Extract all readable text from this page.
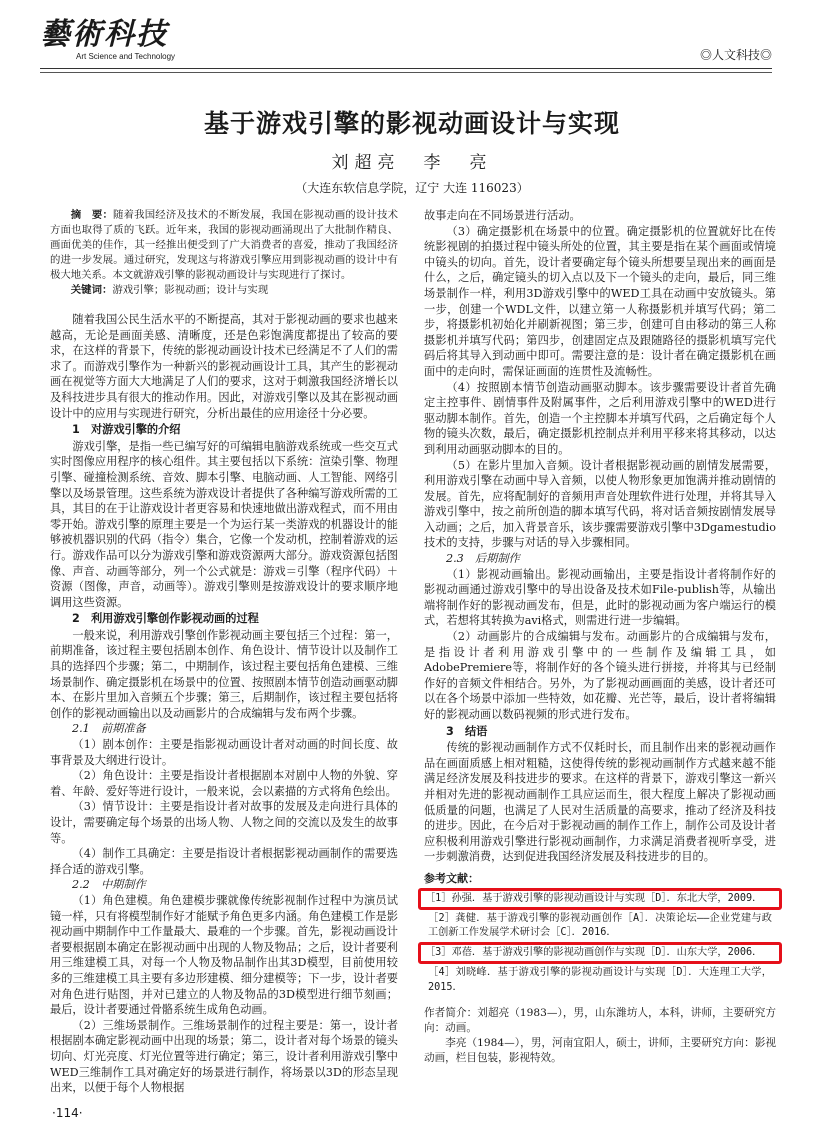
藝術科技
Art Science and Technology	◎人文科技◎
基于游戏引擎的影视动画设计与实现
刘超亮　李　亮
（大连东软信息学院，辽宁 大连 116023）

摘　要：随着我国经济及技术的不断发展，我国在影视动画的设计技术方面也取得了质的飞跃。近年来，我国的影视动画涌现出了大批制作精良、画面优美的佳作，其一经推出便受到了广大消费者的喜爱，推动了我国经济的进一步发展。通过研究，发现这与将游戏引擎应用到影视动画的设计中有极大地关系。本文就游戏引擎的影视动画设计与实现进行了探讨。

关键词：游戏引擎；影视动画；设计与实现

随着我国公民生活水平的不断提高，其对于影视动画的要求也越来越高，无论是画面美感、清晰度，还是色彩饱满度都提出了较高的要求，在这样的背景下，传统的影视动画设计技术已经满足不了人们的需求了。而游戏引擎作为一种新兴的影视动画设计工具，其产生的影视动画在视觉等方面大大地满足了人们的要求，这对于刺激我国经济增长以及科技进步具有很大的推动作用。因此，对游戏引擎以及其在影视动画设计中的应用与实现进行研究，分析出最佳的应用途径十分必要。

1　对游戏引擎的介绍

游戏引擎，是指一些已编写好的可编辑电脑游戏系统或一些交互式实时图像应用程序的核心组件。其主要包括以下系统：渲染引擎、物理引擎、碰撞检测系统、音效、脚本引擎、电脑动画、人工智能、网络引擎以及场景管理。这些系统为游戏设计者提供了各种编写游戏所需的工具，其目的在于让游戏设计者更容易和快速地做出游戏程式，而不用由零开始。游戏引擎的原理主要是一个为运行某一类游戏的机器设计的能够被机器识别的代码（指令）集合，它像一个发动机，控制着游戏的运行。游戏作品可以分为游戏引擎和游戏资源两大部分。游戏资源包括图像、声音、动画等部分，列一个公式就是：游戏＝引擎（程序代码）＋资源（图像，声音，动画等）。游戏引擎则是按游戏设计的要求顺序地调用这些资源。

2　利用游戏引擎创作影视动画的过程

一般来说，利用游戏引擎创作影视动画主要包括三个过程：第一，前期准备，该过程主要包括剧本创作、角色设计、情节设计以及制作工具的选择四个步骤；第二，中期制作，该过程主要包括角色建模、三维场景制作、确定摄影机在场景中的位置、按照剧本情节创造动画驱动脚本、在影片里加入音频五个步骤；第三，后期制作，该过程主要包括将创作的影视动画输出以及动画影片的合成编辑与发布两个步骤。

2.1　前期准备

（1）剧本创作：主要是指影视动画设计者对动画的时间长度、故事背景及大纲进行设计。

（2）角色设计：主要是指设计者根据剧本对剧中人物的外貌、穿着、年龄、爱好等进行设计，一般来说，会以素描的方式将角色绘出。

（3）情节设计：主要是指设计者对故事的发展及走向进行具体的设计，需要确定每个场景的出场人物、人物之间的交流以及发生的故事等。

（4）制作工具确定：主要是指设计者根据影视动画制作的需要选择合适的游戏引擎。

2.2　中期制作

（1）角色建模。角色建模步骤就像传统影视制作过程中为演员试镜一样，只有将模型制作好才能赋予角色更多内涵。角色建模工作是影视动画中期制作中工作量最大、最难的一个步骤。首先，影视动画设计者要根据剧本确定在影视动画中出现的人物及物品；之后，设计者要利用三维建模工具，对每一个人物及物品制作出其3D模型，目前使用较多的三维建模工具主要有多边形建模、细分建模等；下一步，设计者要对角色进行贴图，并对已建立的人物及物品的3D模型进行细节刻画；最后，设计者要通过骨骼系统生成角色动画。

（2）三维场景制作。三维场景制作的过程主要是：第一，设计者根据剧本确定影视动画中出现的场景；第二，设计者对每个场景的镜头切向、灯光亮度、灯光位置等进行确定；第三，设计者利用游戏引擎中WED三维制作工具对确定好的场景进行制作，将场景以3D的形态呈现出来，以便于每个人物根据

故事走向在不同场景进行活动。

（3）确定摄影机在场景中的位置。确定摄影机的位置就好比在传统影视剧的拍摄过程中镜头所处的位置，其主要是指在某个画面或情境中镜头的切向。首先，设计者要确定每个镜头所想要呈现出来的画面是什么，之后，确定镜头的切入点以及下一个镜头的走向，最后，同三维场景制作一样，利用3D游戏引擎中的WED工具在动画中安放镜头。第一步，创建一个WDL文件，以建立第一人称摄影机并填写代码；第二步，将摄影机初始化并刷新视图；第三步，创建可自由移动的第三人称摄影机并填写代码；第四步，创建固定点及跟随路径的摄影机填写完代码后将其导入到动画中即可。需要注意的是：设计者在确定摄影机在画面中的走向时，需保证画面的连贯性及流畅性。

（4）按照剧本情节创造动画驱动脚本。该步骤需要设计者首先确定主控事件、剧情事件及附属事件，之后利用游戏引擎中的WED进行驱动脚本制作。首先，创造一个主控脚本并填写代码，之后确定每个人物的镜头次数，最后，确定摄影机控制点并利用平移来将其移动，以达到利用动画驱动脚本的目的。

（5）在影片里加入音频。设计者根据影视动画的剧情发展需要，利用游戏引擎在动画中导入音频，以使人物形象更加饱满并推动剧情的发展。首先，应将配制好的音频用声音处理软件进行处理，并将其导入游戏引擎中，按之前所创造的脚本填写代码，将对话音频按剧情发展导入动画；之后，加入背景音乐，该步骤需要游戏引擎中3Dgamestudio技术的支持，步骤与对话的导入步骤相同。

2.3　后期制作

（1）影视动画输出。影视动画输出，主要是指设计者将制作好的影视动画通过游戏引擎中的导出设备及技术如File-publish等，从输出端将制作好的影视动画发布，但是，此时的影视动画为客户端运行的模式，若想将其转换为avi格式，则需进行进一步编辑。

（2）动画影片的合成编辑与发布。动画影片的合成编辑与发布，是指设计者利用游戏引擎中的一些制作及编辑工具，如AdobePremiere等，将制作好的各个镜头进行拼接，并将其与已经制作好的音频文件相结合。另外，为了影视动画画面的美感，设计者还可以在各个场景中添加一些特效，如花瓣、光芒等，最后，设计者将编辑好的影视动画以数码视频的形式进行发布。

3　结语

传统的影视动画制作方式不仅耗时长，而且制作出来的影视动画作品在画面质感上相对粗糙，这使得传统的影视动画制作方式越来越不能满足经济发展及科技进步的要求。在这样的背景下，游戏引擎这一新兴并相对先进的影视动画制作工具应运而生，很大程度上解决了影视动画低质量的问题，也满足了人民对生活质量的高要求，推动了经济及科技的进步。因此，在今后对于影视动画的制作工作上，制作公司及设计者应积极利用游戏引擎进行影视动画制作，力求满足消费者视听享受，进一步刺激消费，达到促进我国经济发展及科技进步的目的。

参考文献：
［1］孙强．基于游戏引擎的影视动画设计与实现［D］．东北大学，2009．
［2］龚健．基于游戏引擎的影视动画创作［A］．决策论坛——企业党建与政工创新工作发展学术研讨会［C］．2016．
［3］邓蓓．基于游戏引擎的影视动画创作与实现［D］．山东大学，2006．
［4］刘晓峰．基于游戏引擎的影视动画设计与实现［D］．大连理工大学，2015．

作者简介：刘超亮（1983—），男，山东潍坊人，本科，讲师，主要研究方向：动画。

李亮（1984—），男，河南宜阳人，硕士，讲师，主要研究方向：影视动画，栏目包装，影视特效。

·114·
